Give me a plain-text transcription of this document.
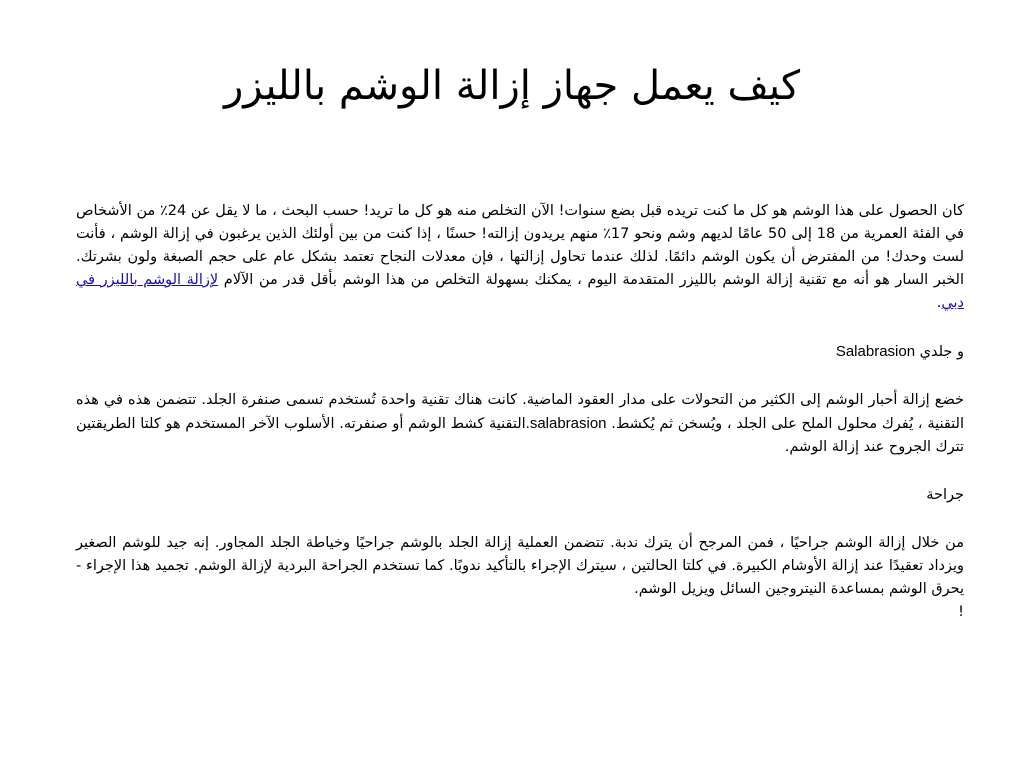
كيف يعمل جهاز إزالة الوشم بالليزر

كان الحصول على هذا الوشم هو كل ما كنت تريده قبل بضع سنوات! الآن التخلص منه هو كل ما تريد! حسب البحث ، ما لا يقل عن 24٪ من الأشخاص في الفئة العمرية من 18 إلى 50 عامًا لديهم وشم ونحو 17٪ منهم يريدون إزالته! حسنًا ، إذا كنت من بين أولئك الذين يرغبون في إزالة الوشم ، فأنت لست وحدك! من المفترض أن يكون الوشم دائمًا. لذلك عندما تحاول إزالتها ، فإن معدلات النجاح تعتمد بشكل عام على حجم الصبغة ولون بشرتك. الخبر السار هو أنه مع تقنية إزالة الوشم بالليزر المتقدمة اليوم ، يمكنك بسهولة التخلص من هذا الوشم بأقل قدر من الآلام لإزالة الوشم بالليزر في دبي.

و جلدي Salabrasion

خضع إزالة أحبار الوشم إلى الكثير من التحولات على مدار العقود الماضية. كانت هناك تقنية واحدة تُستخدم تسمى صنفرة الجلد. تتضمن هذه في هذه التقنية ، يُفرك محلول الملح على الجلد ، ويُسخن ثم يُكشط. salabrasion.التقنية كشط الوشم أو صنفرته. الأسلوب الآخر المستخدم هو كلتا الطريقتين تترك الجروح عند إزالة الوشم.

جراحة

من خلال إزالة الوشم جراحيًا ، فمن المرجح أن يترك ندبة. تتضمن العملية إزالة الجلد بالوشم جراحيًا وخياطة الجلد المجاور. إنه جيد للوشم الصغير ويزداد تعقيدًا عند إزالة الأوشام الكبيرة. في كلتا الحالتين ، سيترك الإجراء بالتأكيد ندوبًا. كما تستخدم الجراحة البردية لإزالة الوشم. تجميد هذا الإجراء - يحرق الوشم بمساعدة النيتروجين السائل ويزيل الوشم.

!
